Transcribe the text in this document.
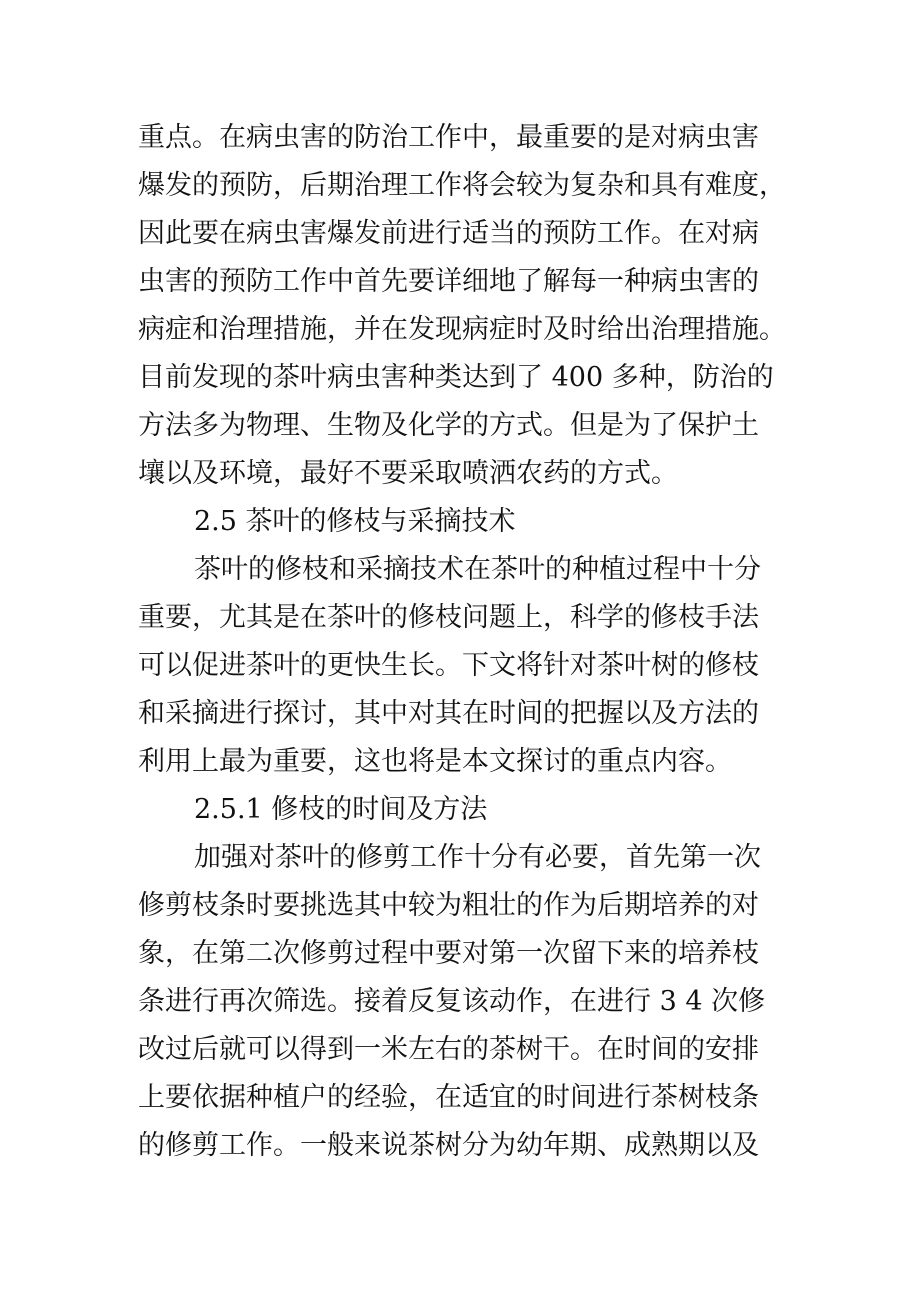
重点。在病虫害的防治工作中，最重要的是对病虫害
爆发的预防，后期治理工作将会较为复杂和具有难度，
因此要在病虫害爆发前进行适当的预防工作。在对病
虫害的预防工作中首先要详细地了解每一种病虫害的
病症和治理措施，并在发现病症时及时给出治理措施。
目前发现的茶叶病虫害种类达到了 400 多种，防治的
方法多为物理、生物及化学的方式。但是为了保护土
壤以及环境，最好不要采取喷洒农药的方式。
2.5 茶叶的修枝与采摘技术
茶叶的修枝和采摘技术在茶叶的种植过程中十分
重要，尤其是在茶叶的修枝问题上，科学的修枝手法
可以促进茶叶的更快生长。下文将针对茶叶树的修枝
和采摘进行探讨，其中对其在时间的把握以及方法的
利用上最为重要，这也将是本文探讨的重点内容。
2.5.1 修枝的时间及方法
加强对茶叶的修剪工作十分有必要，首先第一次
修剪枝条时要挑选其中较为粗壮的作为后期培养的对
象，在第二次修剪过程中要对第一次留下来的培养枝
条进行再次筛选。接着反复该动作，在进行 3 4 次修
改过后就可以得到一米左右的茶树干。在时间的安排
上要依据种植户的经验，在适宜的时间进行茶树枝条
的修剪工作。一般来说茶树分为幼年期、成熟期以及
